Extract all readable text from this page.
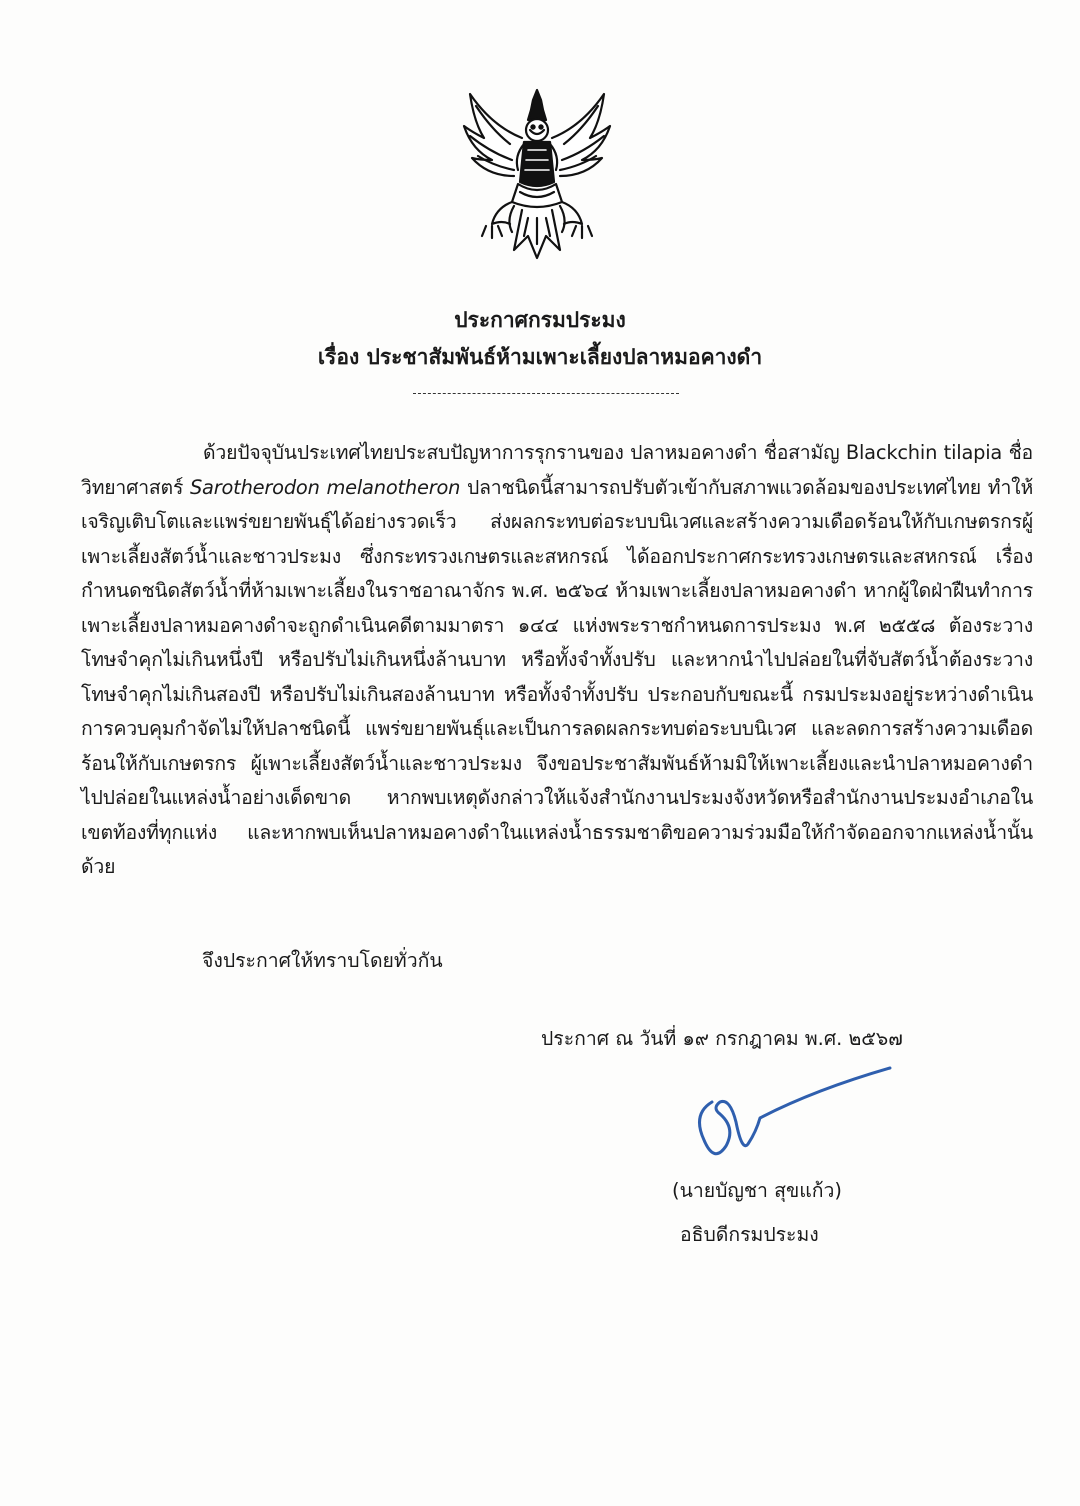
ประกาศกรมประมง
เรื่อง ประชาสัมพันธ์ห้ามเพาะเลี้ยงปลาหมอคางดำ
ด้วยปัจจุบันประเทศไทยประสบปัญหาการรุกรานของ ปลาหมอคางดำ ชื่อสามัญ Blackchin tilapia ชื่อวิทยาศาสตร์ Sarotherodon melanotheron ปลาชนิดนี้สามารถปรับตัวเข้ากับสภาพแวดล้อมของประเทศไทย ทำให้เจริญเติบโตและแพร่ขยายพันธุ์ได้อย่างรวดเร็ว ส่งผลกระทบต่อระบบนิเวศและสร้างความเดือดร้อนให้กับเกษตรกรผู้เพาะเลี้ยงสัตว์น้ำและชาวประมง ซึ่งกระทรวงเกษตรและสหกรณ์ ได้ออกประกาศกระทรวงเกษตรและสหกรณ์ เรื่อง กำหนดชนิดสัตว์น้ำที่ห้ามเพาะเลี้ยงในราชอาณาจักร พ.ศ. ๒๕๖๔ ห้ามเพาะเลี้ยงปลาหมอคางดำ หากผู้ใดฝ่าฝืนทำการเพาะเลี้ยงปลาหมอคางดำจะถูกดำเนินคดีตามมาตรา ๑๔๔ แห่งพระราชกำหนดการประมง พ.ศ ๒๕๕๘ ต้องระวางโทษจำคุกไม่เกินหนึ่งปี หรือปรับไม่เกินหนึ่งล้านบาท หรือทั้งจำทั้งปรับ และหากนำไปปล่อยในที่จับสัตว์น้ำต้องระวางโทษจำคุกไม่เกินสองปี หรือปรับไม่เกินสองล้านบาท หรือทั้งจำทั้งปรับ ประกอบกับขณะนี้ กรมประมงอยู่ระหว่างดำเนินการควบคุมกำจัดไม่ให้ปลาชนิดนี้ แพร่ขยายพันธุ์และเป็นการลดผลกระทบต่อระบบนิเวศ และลดการสร้างความเดือดร้อนให้กับเกษตรกร ผู้เพาะเลี้ยงสัตว์น้ำและชาวประมง จึงขอประชาสัมพันธ์ห้ามมิให้เพาะเลี้ยงและนำปลาหมอคางดำไปปล่อยในแหล่งน้ำอย่างเด็ดขาด หากพบเหตุดังกล่าวให้แจ้งสำนักงานประมงจังหวัดหรือสำนักงานประมงอำเภอในเขตท้องที่ทุกแห่ง และหากพบเห็นปลาหมอคางดำในแหล่งน้ำธรรมชาติขอความร่วมมือให้กำจัดออกจากแหล่งน้ำนั้นด้วย
จึงประกาศให้ทราบโดยทั่วกัน
ประกาศ ณ วันที่ ๑๙ กรกฎาคม พ.ศ. ๒๕๖๗
(นายบัญชา สุขแก้ว)
อธิบดีกรมประมง
